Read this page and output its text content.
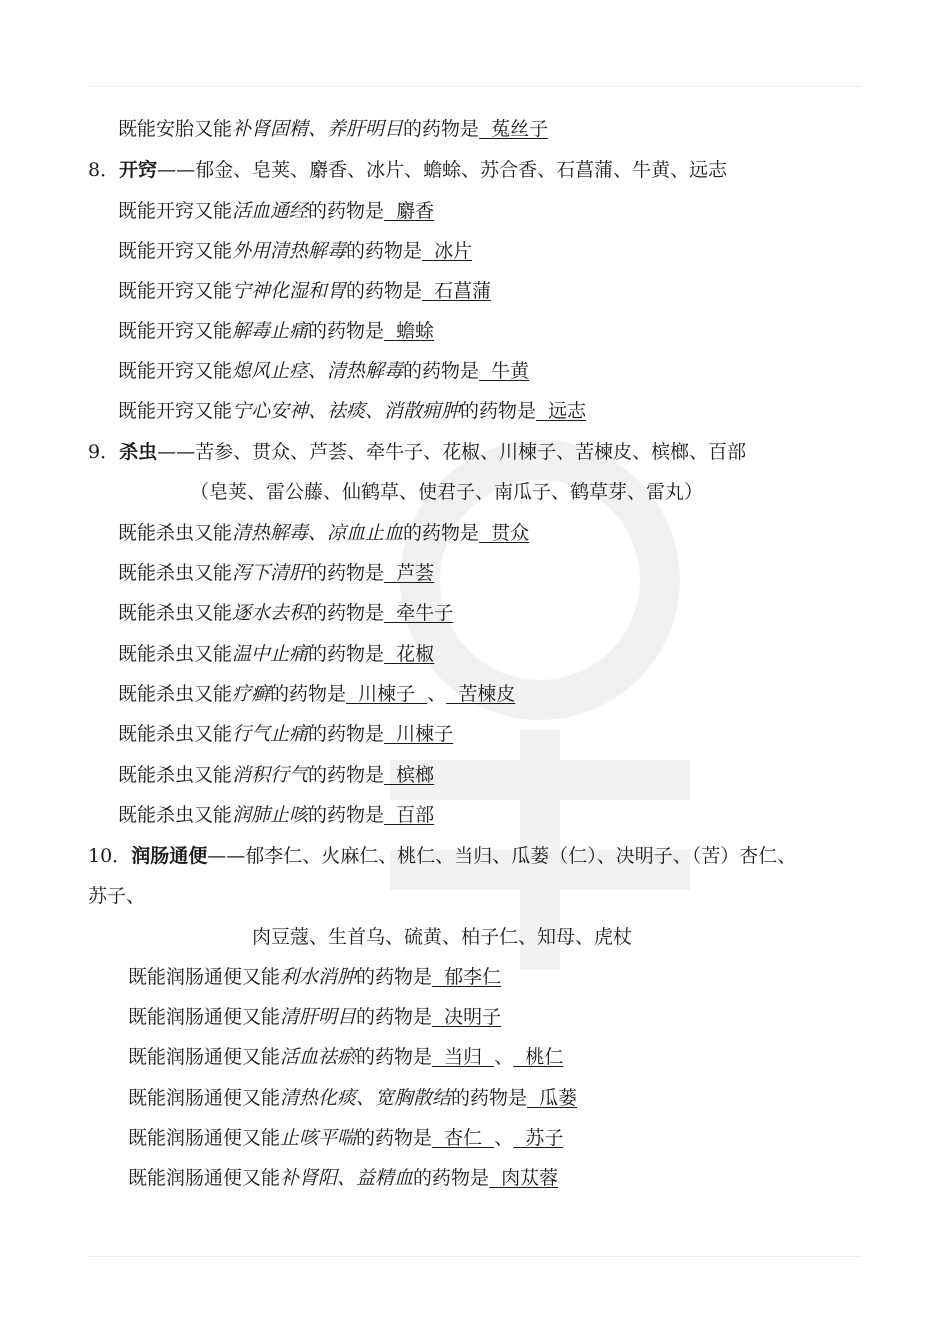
既能安胎又能补肾固精、养肝明目的药物是  菟丝子
8．开窍——郁金、皂荚、麝香、冰片、蟾蜍、苏合香、石菖蒲、牛黄、远志
既能开窍又能活血通经的药物是  麝香
既能开窍又能外用清热解毒的药物是  冰片
既能开窍又能宁神化湿和胃的药物是  石菖蒲
既能开窍又能解毒止痛的药物是  蟾蜍
既能开窍又能熄风止痉、清热解毒的药物是  牛黄
既能开窍又能宁心安神、祛痰、消散痈肿的药物是  远志
9．杀虫——苦参、贯众、芦荟、牵牛子、花椒、川楝子、苦楝皮、槟榔、百部
（皂荚、雷公藤、仙鹤草、使君子、南瓜子、鹤草芽、雷丸）
既能杀虫又能清热解毒、凉血止血的药物是  贯众
既能杀虫又能泻下清肝的药物是  芦荟
既能杀虫又能逐水去积的药物是  牵牛子
既能杀虫又能温中止痛的药物是  花椒
既能杀虫又能疗癣的药物是  川楝子  、  苦楝皮
既能杀虫又能行气止痛的药物是  川楝子
既能杀虫又能消积行气的药物是  槟榔
既能杀虫又能润肺止咳的药物是  百部
10．润肠通便——郁李仁、火麻仁、桃仁、当归、瓜蒌（仁）、决明子、（苦）杏仁、
苏子、
肉豆蔻、生首乌、硫黄、柏子仁、知母、虎杖
既能润肠通便又能利水消肿的药物是  郁李仁
既能润肠通便又能清肝明目的药物是  决明子
既能润肠通便又能活血祛瘀的药物是  当归  、  桃仁
既能润肠通便又能清热化痰、宽胸散结的药物是  瓜蒌
既能润肠通便又能止咳平喘的药物是  杏仁  、  苏子
既能润肠通便又能补肾阳、益精血的药物是  肉苁蓉
